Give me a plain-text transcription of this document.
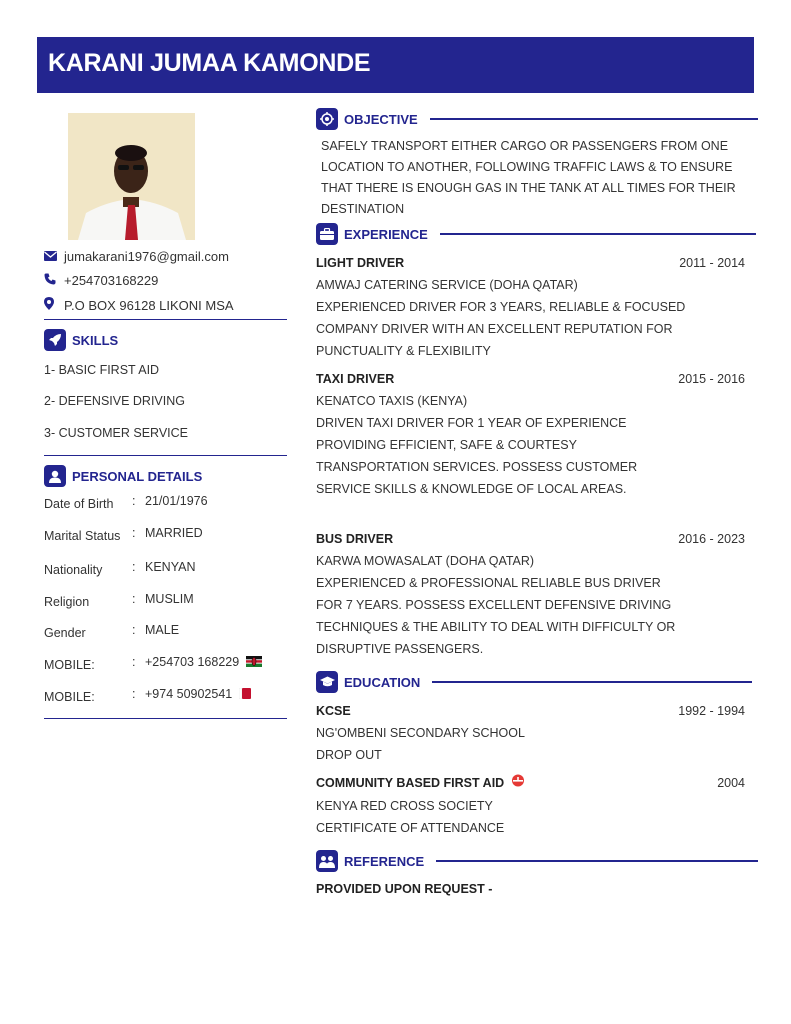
KARANI JUMAA KAMONDE
jumakarani1976@gmail.com
+254703168229
P.O BOX 96128 LIKONI MSA
SKILLS
1- BASIC FIRST AID
2- DEFENSIVE DRIVING
3- CUSTOMER SERVICE
PERSONAL DETAILS
Date of Birth	: 21/01/1976
Marital Status : MARRIED
Nationality	: KENYAN
Religion	: MUSLIM
Gender	: MALE
MOBILE:	: +254703 168229
MOBILE:	: +974 50902541
OBJECTIVE
SAFELY TRANSPORT EITHER CARGO OR PASSENGERS FROM ONE
LOCATION TO ANOTHER, FOLLOWING TRAFFIC LAWS & TO ENSURE
THAT THERE IS ENOUGH GAS IN THE TANK AT ALL TIMES FOR THEIR
DESTINATION
EXPERIENCE
LIGHT DRIVER	2011 - 2014
AMWAJ CATERING SERVICE (DOHA QATAR)
EXPERIENCED DRIVER FOR 3 YEARS, RELIABLE & FOCUSED
COMPANY DRIVER WITH AN EXCELLENT REPUTATION FOR
PUNCTUALITY & FLEXIBILITY
TAXI DRIVER	2015 - 2016
KENATCO TAXIS (KENYA)
DRIVEN TAXI DRIVER FOR 1 YEAR OF EXPERIENCE
PROVIDING EFFICIENT, SAFE & COURTESY
TRANSPORTATION SERVICES. POSSESS CUSTOMER
SERVICE SKILLS & KNOWLEDGE OF LOCAL AREAS.
BUS DRIVER	2016 - 2023
KARWA MOWASALAT (DOHA QATAR)
EXPERIENCED & PROFESSIONAL RELIABLE BUS DRIVER
FOR 7 YEARS. POSSESS EXCELLENT DEFENSIVE DRIVING
TECHNIQUES & THE ABILITY TO DEAL WITH DIFFICULTY OR
DISRUPTIVE PASSENGERS.
EDUCATION
KCSE	1992 - 1994
NG'OMBENI SECONDARY SCHOOL
DROP OUT
COMMUNITY BASED FIRST AID	2004
KENYA RED CROSS SOCIETY
CERTIFICATE OF ATTENDANCE
REFERENCE
PROVIDED UPON REQUEST -
